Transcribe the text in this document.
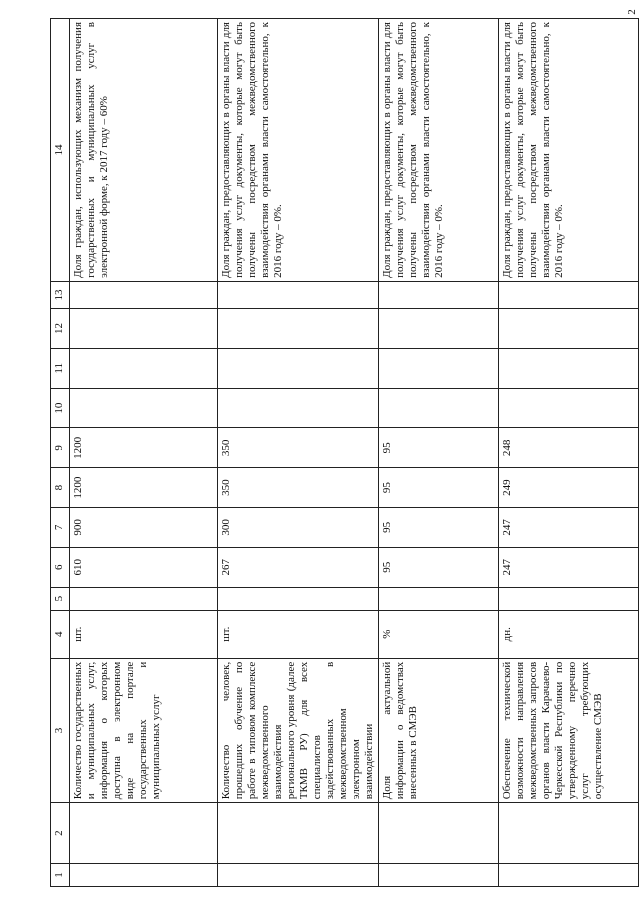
2
1	2	3	4	5	6	7	8	9	10	11	12	13	14
		Количество государственных и муниципальных услуг, информация о которых доступна в электронном виде на портале государственных и муниципальных услуг	шт.		610	900	1200	1200					Доля граждан, использующих механизм получения государственных и муниципальных услуг в электронной форме, к 2017 году – 60%
		Количество человек, прошедших обучение по работе в типовом комплексе межведомственного взаимодействия регионального уровня (далее ТКМВ РУ) для всех специалистов задействованных в межведомственном электронном взаимодействии	шт.		267	300	350	350					Доля граждан, предоставляющих в органы власти для получения услуг документы, которые могут быть получены посредством межведомственного взаимодействия органами власти самостоятельно, к 2016 году – 0%.
		Доля актуальной информации о ведомствах внесенных в СМЭВ	%		95	95	95	95					Доля граждан, предоставляющих в органы власти для получения услуг документы, которые могут быть получены посредством межведомственного взаимодействия органами власти самостоятельно, к 2016 году – 0%.
		Обеспечение технической возможности направления межведомственных запросов органов власти Карачаево-Черкесской Республики по утвержденному перечню услуг требующих осуществление СМЭВ	дн.		247	247	249	248					Доля граждан, предоставляющих в органы власти для получения услуг документы, которые могут быть получены посредством межведомственного взаимодействия органами власти самостоятельно, к 2016 году – 0%.
